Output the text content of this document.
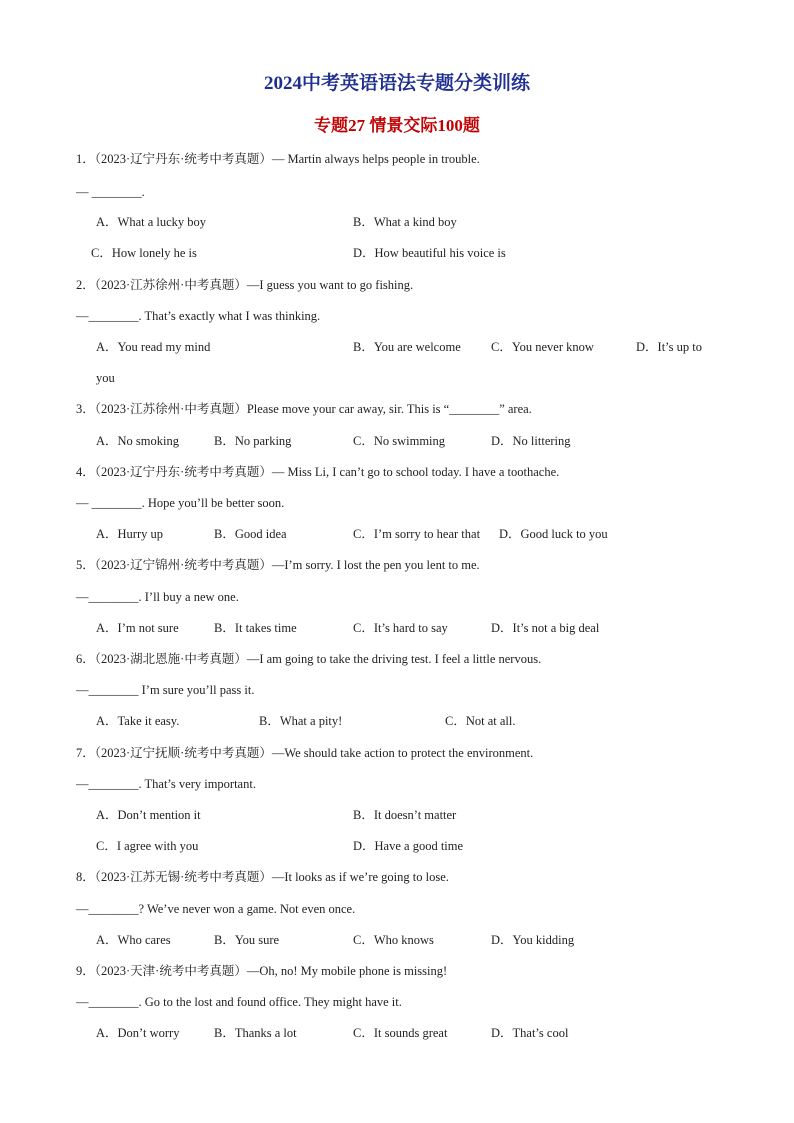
2024中考英语语法专题分类训练
专题27 情景交际100题
1．（2023·辽宁丹东·统考中考真题）— Martin always helps people in trouble.
— ________.
A．What a lucky boy	B．What a kind boy
C．How lonely he is	D．How beautiful his voice is
2．（2023·江苏徐州·中考真题）—I guess you want to go fishing.
—________. That’s exactly what I was thinking.
A．You read my mind	B．You are welcome C．You never know	D．It’s up to
you
3．（2023·江苏徐州·中考真题）Please move your car away, sir. This is “________” area.
A．No smoking	B．No parking	C．No swimming	D．No littering
4．（2023·辽宁丹东·统考中考真题）— Miss Li, I can’t go to school today. I have a toothache.
— ________. Hope you’ll be better soon.
A．Hurry up	B．Good idea	C．I’m sorry to hear that D．Good luck to you
5．（2023·辽宁锦州·统考中考真题）—I’m sorry. I lost the pen you lent to me.
—________. I’ll buy a new one.
A．I’m not sure	B．It takes time	C．It’s hard to say	D．It’s not a big deal
6．（2023·湖北恩施·中考真题）—I am going to take the driving test. I feel a little nervous.
—________ I’m sure you’ll pass it.
A．Take it easy.	B．What a pity!	C．Not at all.
7．（2023·辽宁抚顺·统考中考真题）—We should take action to protect the environment.
—________. That’s very important.
A．Don’t mention it	B．It doesn’t matter
C．I agree with you	D．Have a good time
8．（2023·江苏无锡·统考中考真题）—It looks as if we’re going to lose.
—________? We’ve never won a game. Not even once.
A．Who cares	B．You sure	C．Who knows	D．You kidding
9．（2023·天津·统考中考真题）—Oh, no! My mobile phone is missing!
—________. Go to the lost and found office. They might have it.
A．Don’t worry	B．Thanks a lot	C．It sounds great	D．That’s cool
